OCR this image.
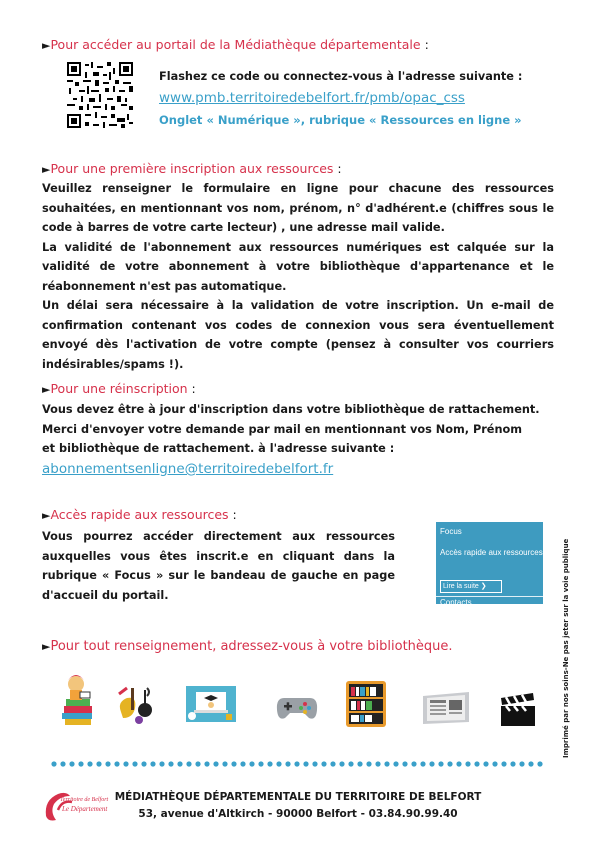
►Pour accéder au portail de la Médiathèque départementale :
Flashez ce code ou connectez-vous à l'adresse suivante :
www.pmb.territoiredebelfort.fr/pmb/opac_css
Onglet « Numérique », rubrique « Ressources en ligne »
►Pour une première inscription aux ressources :
Veuillez renseigner le formulaire en ligne pour chacune des ressources souhaitées, en mentionnant vos nom, prénom, n° d'adhérent.e (chiffres sous le code à barres de votre carte lecteur) , une adresse mail valide.
La validité de l'abonnement aux ressources numériques est calquée sur la validité de votre abonnement à votre bibliothèque d'appartenance et le réabonnement n'est pas automatique.
Un délai sera nécessaire à la validation de votre inscription. Un e-mail de confirmation contenant vos codes de connexion vous sera éventuellement envoyé dès l'activation de votre compte (pensez à consulter vos courriers indésirables/spams !).
►Pour une réinscription :
Vous devez être à jour d'inscription dans votre bibliothèque de rattachement.
Merci d'envoyer votre demande par mail en mentionnant vos Nom, Prénom
et bibliothèque de rattachement. à l'adresse suivante :
abonnementsenligne@territoiredebelfort.fr
►Accès rapide aux ressources :
Vous pourrez accéder directement aux ressources auxquelles vous êtes inscrit.e en cliquant dans la rubrique « Focus » sur le bandeau de gauche en page d'accueil du portail.
Focus
Accès rapide aux ressources
Lire la suite ❯
Contacts
►Pour tout renseignement, adressez-vous à votre bibliothèque.
Territoire de Belfort
Le Département
MÉDIATHÈQUE DÉPARTEMENTALE DU TERRITOIRE DE BELFORT
53, avenue d'Altkirch - 90000 Belfort - 03.84.90.99.40
Imprimé par nos soins-Ne pas jeter sur la voie publique
